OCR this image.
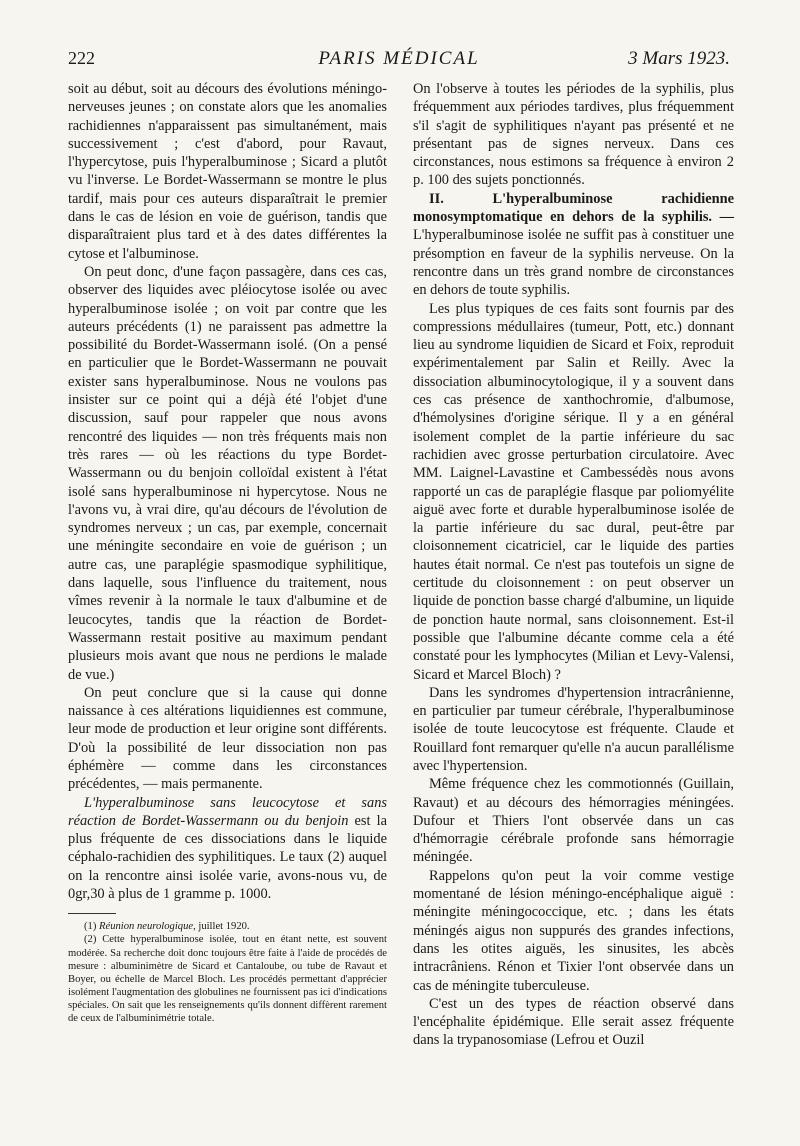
222	PARIS MÉDICAL	3 Mars 1923.

soit au début, soit au décours des évolutions méningo-nerveuses jeunes ; on constate alors que les anomalies rachidiennes n'apparaissent pas simultanément, mais successivement ; c'est d'abord, pour Ravaut, l'hypercytose, puis l'hyperalbuminose ; Sicard a plutôt vu l'inverse. Le Bordet-Wassermann se montre le plus tardif, mais pour ces auteurs disparaîtrait le premier dans le cas de lésion en voie de guérison, tandis que disparaîtraient plus tard et à des dates différentes la cytose et l'albuminose.

On peut donc, d'une façon passagère, dans ces cas, observer des liquides avec pléiocytose isolée ou avec hyperalbuminose isolée ; on voit par contre que les auteurs précédents (1) ne paraissent pas admettre la possibilité du Bordet-Wassermann isolé. (On a pensé en particulier que le Bordet-Wassermann ne pouvait exister sans hyperalbuminose. Nous ne voulons pas insister sur ce point qui a déjà été l'objet d'une discussion, sauf pour rappeler que nous avons rencontré des liquides — non très fréquents mais non très rares — où les réactions du type Bordet-Wassermann ou du benjoin colloïdal existent à l'état isolé sans hyperalbuminose ni hypercytose. Nous ne l'avons vu, à vrai dire, qu'au décours de l'évolution de syndromes nerveux ; un cas, par exemple, concernait une méningite secondaire en voie de guérison ; un autre cas, une paraplégie spasmodique syphilitique, dans laquelle, sous l'influence du traitement, nous vîmes revenir à la normale le taux d'albumine et de leucocytes, tandis que la réaction de Bordet-Wassermann restait positive au maximum pendant plusieurs mois avant que nous ne perdions le malade de vue.)

On peut conclure que si la cause qui donne naissance à ces altérations liquidiennes est commune, leur mode de production et leur origine sont différents. D'où la possibilité de leur dissociation non pas éphémère — comme dans les circonstances précédentes, — mais permanente.

L'hyperalbuminose sans leucocytose et sans réaction de Bordet-Wassermann ou du benjoin est la plus fréquente de ces dissociations dans le liquide céphalo-rachidien des syphilitiques. Le taux (2) auquel on la rencontre ainsi isolée varie, avons-nous vu, de 0gr,30 à plus de 1 gramme p. 1000.

(1) Réunion neurologique, juillet 1920.

(2) Cette hyperalbuminose isolée, tout en étant nette, est souvent modérée. Sa recherche doit donc toujours être faite à l'aide de procédés de mesure : albuminimètre de Sicard et Cantaloube, ou tube de Ravaut et Boyer, ou échelle de Marcel Bloch. Les procédés permettant d'apprécier isolément l'augmentation des globulines ne fournissent pas ici d'indications spéciales. On sait que les renseignements qu'ils donnent diffèrent rarement de ceux de l'albuminimétrie totale.

On l'observe à toutes les périodes de la syphilis, plus fréquemment aux périodes tardives, plus fréquemment s'il s'agit de syphilitiques n'ayant pas présenté et ne présentant pas de signes nerveux. Dans ces circonstances, nous estimons sa fréquence à environ 2 p. 100 des sujets ponctionnés.

II. L'hyperalbuminose rachidienne monosymptomatique en dehors de la syphilis. — L'hyperalbuminose isolée ne suffit pas à constituer une présomption en faveur de la syphilis nerveuse. On la rencontre dans un très grand nombre de circonstances en dehors de toute syphilis.

Les plus typiques de ces faits sont fournis par des compressions médullaires (tumeur, Pott, etc.) donnant lieu au syndrome liquidien de Sicard et Foix, reproduit expérimentalement par Salin et Reilly. Avec la dissociation albuminocytologique, il y a souvent dans ces cas présence de xanthochromie, d'albumose, d'hémolysines d'origine sérique. Il y a en général isolement complet de la partie inférieure du sac rachidien avec grosse perturbation circulatoire. Avec MM. Laignel-Lavastine et Cambessédès nous avons rapporté un cas de paraplégie flasque par poliomyélite aiguë avec forte et durable hyperalbuminose isolée de la partie inférieure du sac dural, peut-être par cloisonnement cicatriciel, car le liquide des parties hautes était normal. Ce n'est pas toutefois un signe de certitude du cloisonnement : on peut observer un liquide de ponction basse chargé d'albumine, un liquide de ponction haute normal, sans cloisonnement. Est-il possible que l'albumine décante comme cela a été constaté pour les lymphocytes (Milian et Levy-Valensi, Sicard et Marcel Bloch) ?

Dans les syndromes d'hypertension intracrânienne, en particulier par tumeur cérébrale, l'hyperalbuminose isolée de toute leucocytose est fréquente. Claude et Rouillard font remarquer qu'elle n'a aucun parallélisme avec l'hypertension.

Même fréquence chez les commotionnés (Guillain, Ravaut) et au décours des hémorragies méningées. Dufour et Thiers l'ont observée dans un cas d'hémorragie cérébrale profonde sans hémorragie méningée.

Rappelons qu'on peut la voir comme vestige momentané de lésion méningo-encéphalique aiguë : méningite méningococcique, etc. ; dans les états méningés aigus non suppurés des grandes infections, dans les otites aiguës, les sinusites, les abcès intracrâniens. Rénon et Tixier l'ont observée dans un cas de méningite tuberculeuse.

C'est un des types de réaction observé dans l'encéphalite épidémique. Elle serait assez fréquente dans la trypanosomiase (Lefrou et Ouzil
